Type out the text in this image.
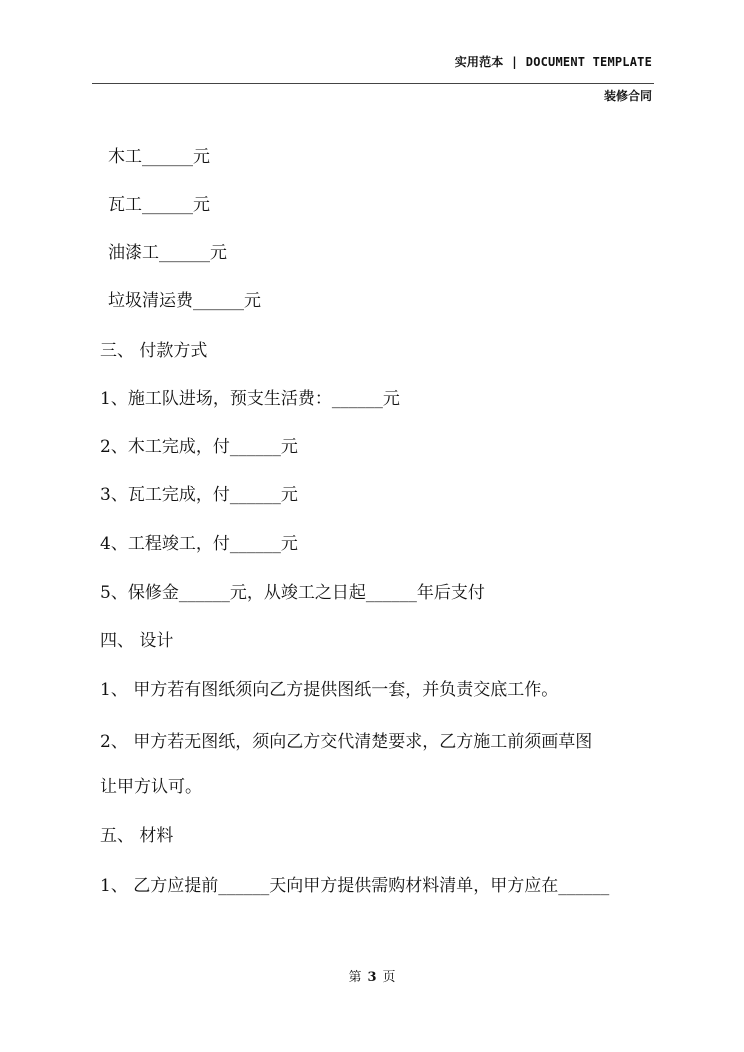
实用范本 | DOCUMENT TEMPLATE
装修合同
木工______元
瓦工______元
油漆工______元
垃圾清运费______元
三、 付款方式
1、施工队进场，预支生活费：______元
2、木工完成，付______元
3、瓦工完成，付______元
4、工程竣工，付______元
5、保修金______元，从竣工之日起______年后支付
四、 设计
1、 甲方若有图纸须向乙方提供图纸一套，并负责交底工作。
2、 甲方若无图纸，须向乙方交代清楚要求，乙方施工前须画草图
让甲方认可。
五、 材料
1、 乙方应提前______天向甲方提供需购材料清单，甲方应在______
第 3 页
